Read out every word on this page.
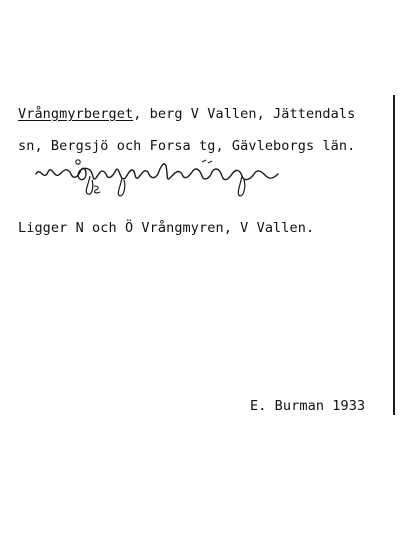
Vrångmyrberget, berg V Vallen, Jättendals
sn, Bergsjö och Forsa tg, Gävleborgs län.
Ligger N och Ö Vrångmyren, V Vallen.
E. Burman 1933
